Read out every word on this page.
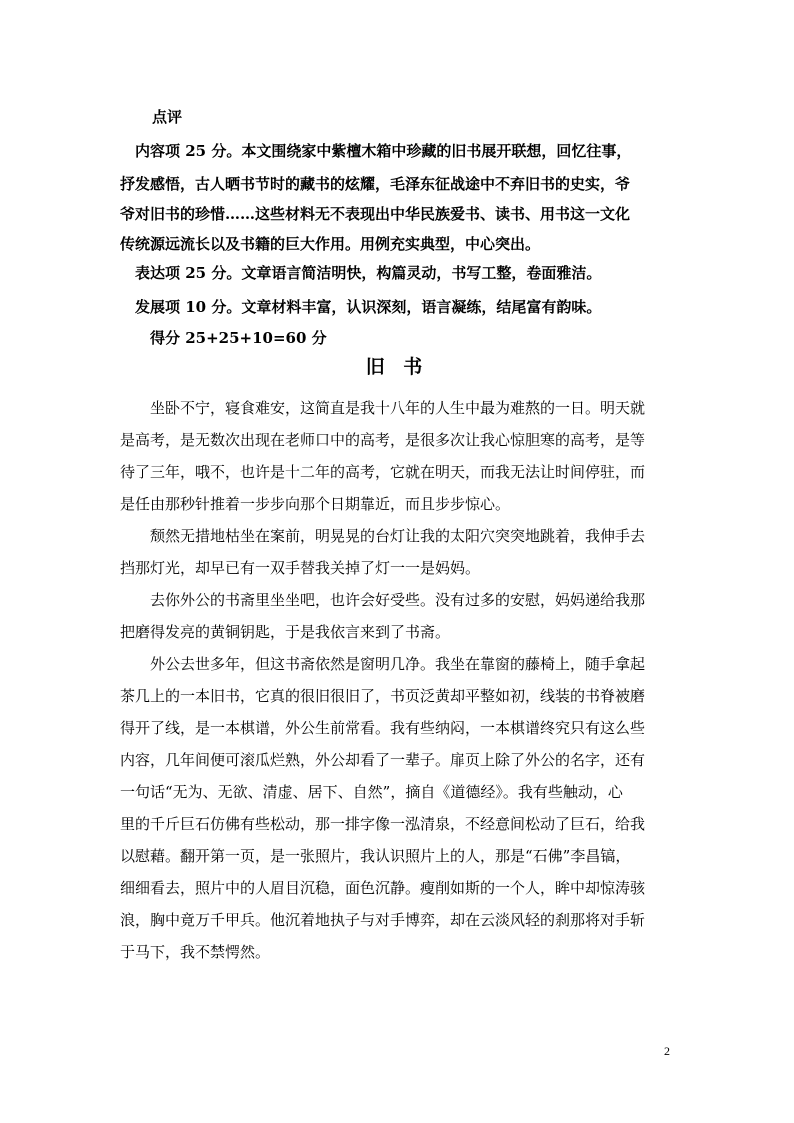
点评
　内容项 25 分。本文围绕家中紫檀木箱中珍藏的旧书展开联想，回忆往事，
抒发感悟，古人晒书节时的藏书的炫耀，毛泽东征战途中不弃旧书的史实，爷
爷对旧书的珍惜……这些材料无不表现出中华民族爱书、读书、用书这一文化
传统源远流长以及书籍的巨大作用。用例充实典型，中心突出。
　表达项 25 分。文章语言简洁明快，构篇灵动，书写工整，卷面雅洁。
　发展项 10 分。文章材料丰富，认识深刻，语言凝练，结尾富有韵味。
　　得分 25+25+10=60 分
旧 书
　　坐卧不宁，寝食难安，这简直是我十八年的人生中最为难熬的一日。明天就
是高考，是无数次出现在老师口中的高考，是很多次让我心惊胆寒的高考，是等
待了三年，哦不，也许是十二年的高考，它就在明天，而我无法让时间停驻，而
是任由那秒针推着一步步向那个日期靠近，而且步步惊心。
　　颓然无措地枯坐在案前，明晃晃的台灯让我的太阳穴突突地跳着，我伸手去
挡那灯光，却早已有一双手替我关掉了灯一一是妈妈。
　　去你外公的书斋里坐坐吧，也许会好受些。没有过多的安慰，妈妈递给我那
把磨得发亮的黄铜钥匙，于是我依言来到了书斋。
　　外公去世多年，但这书斋依然是窗明几净。我坐在靠窗的藤椅上，随手拿起
茶几上的一本旧书，它真的很旧很旧了，书页泛黄却平整如初，线装的书脊被磨
得开了线，是一本棋谱，外公生前常看。我有些纳闷，一本棋谱终究只有这么些
内容，几年间便可滚瓜烂熟，外公却看了一辈子。扉页上除了外公的名字，还有
一句话“无为、无欲、清虚、居下、自然”，摘自《道德经》。我有些触动，心
里的千斤巨石仿佛有些松动，那一排字像一泓清泉，不经意间松动了巨石，给我
以慰藉。翻开第一页，是一张照片，我认识照片上的人，那是“石佛”李昌镐，
细细看去，照片中的人眉目沉稳，面色沉静。瘦削如斯的一个人，眸中却惊涛骇
浪，胸中竟万千甲兵。他沉着地执子与对手博弈，却在云淡风轻的刹那将对手斩
于马下，我不禁愕然。
2
